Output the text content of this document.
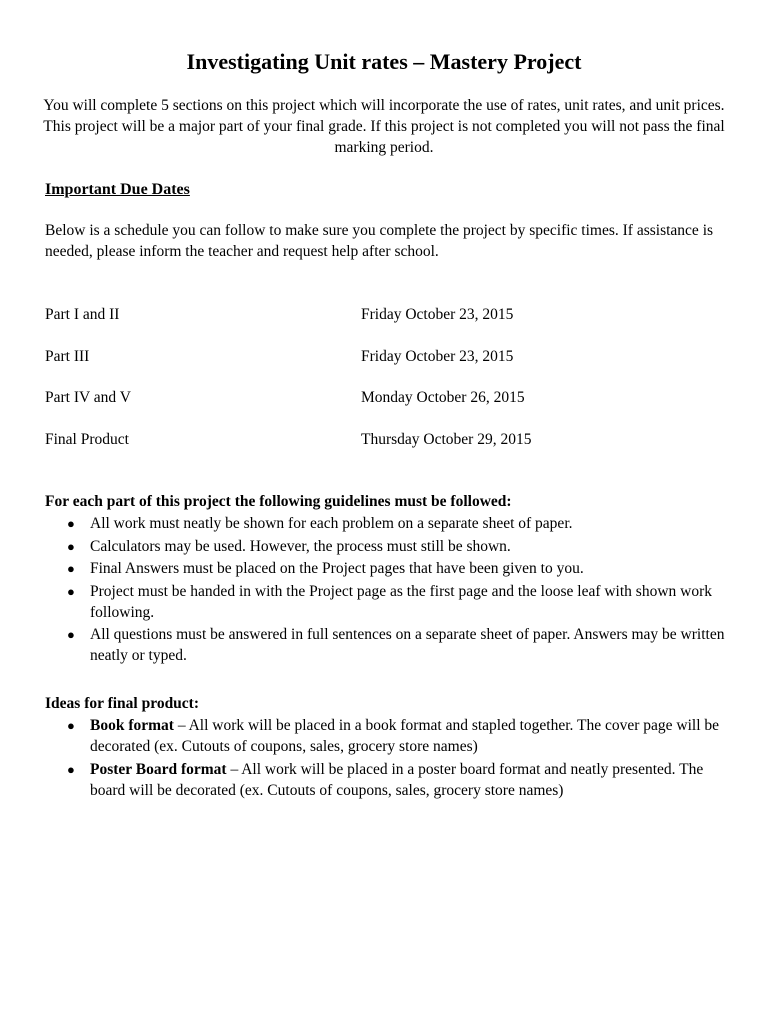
Investigating Unit rates – Mastery Project

You will complete 5 sections on this project which will incorporate the use of rates, unit rates, and unit prices. This project will be a major part of your final grade. If this project is not completed you will not pass the final marking period.

Important Due Dates

Below is a schedule you can follow to make sure you complete the project by specific times. If assistance is needed, please inform the teacher and request help after school.

Part I and II	Friday October 23, 2015
Part III	Friday October 23, 2015
Part IV and V	Monday October 26, 2015
Final Product	Thursday October 29, 2015

For each part of this project the following guidelines must be followed:

● All work must neatly be shown for each problem on a separate sheet of paper.
● Calculators may be used. However, the process must still be shown.
● Final Answers must be placed on the Project pages that have been given to you.
● Project must be handed in with the Project page as the first page and the loose leaf with shown work following.
● All questions must be answered in full sentences on a separate sheet of paper. Answers may be written neatly or typed.

Ideas for final product:

● Book format – All work will be placed in a book format and stapled together. The cover page will be decorated (ex. Cutouts of coupons, sales, grocery store names)
● Poster Board format – All work will be placed in a poster board format and neatly presented. The board will be decorated (ex. Cutouts of coupons, sales, grocery store names)
